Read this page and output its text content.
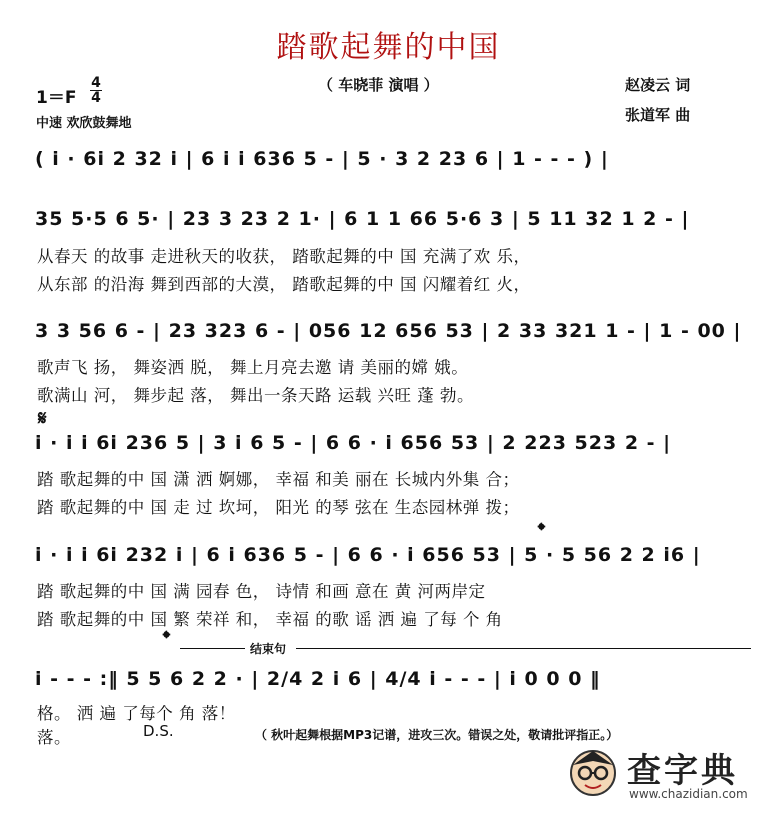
踏歌起舞的中国
（ 车晓菲 演唱 ）	赵凌云 词
张道军 曲
1＝F
4
4
中速 欢欣鼓舞地
( i · 6i 2 32 i | 6 i i 636 5 - | 5 · 3 2 23 6 | 1 - - - ) |
35 5·5 6 5· | 23 3 23 2 1· | 6 1 1 66 5·6 3 | 5 11 32 1 2 - |
从春天 的故事 走进秋天的收获， 踏歌起舞的中 国 充满了欢 乐，
从东部 的沿海 舞到西部的大漠， 踏歌起舞的中 国 闪耀着红 火，
3 3 56 6 - | 23 323 6 - | 056 12 656 53 | 2 33 321 1 - | 1 - 00 |
歌声飞 扬， 舞姿洒 脱， 舞上月亮去邀 请 美丽的嫦 娥。
歌满山 河， 舞步起 落， 舞出一条天路 运载 兴旺 蓬 勃。
𝄋
i · i i 6i 236 5 | 3 i 6 5 - | 6 6 · i 656 53 | 2 223 523 2 - |
踏 歌起舞的中 国 潇 洒 婀娜， 幸福 和美 丽在 长城内外集 合；
踏 歌起舞的中 国 走 过 坎坷， 阳光 的琴 弦在 生态园林弹 拨；
𝄌
i · i i 6i 232 i | 6 i 636 5 - | 6 6 · i 656 53 | 5 · 5 56 2 2 i6 |
踏 歌起舞的中 国 满 园春 色， 诗情 和画 意在 黄 河两岸定
踏 歌起舞的中 国 繁 荣祥 和， 幸福 的歌 谣 洒 遍 了每 个 角
𝄌	结束句
i - - - :‖ 5 5 6 2 2 · | 2/4 2 i 6 | 4/4 i - - - | i 0 0 0 ‖
格。 洒 遍 了每个 角 落！
落。	D.S.	（ 秋叶起舞根据MP3记谱，进攻三次。错误之处，敬请批评指正。）
查字典
www.chazidian.com
